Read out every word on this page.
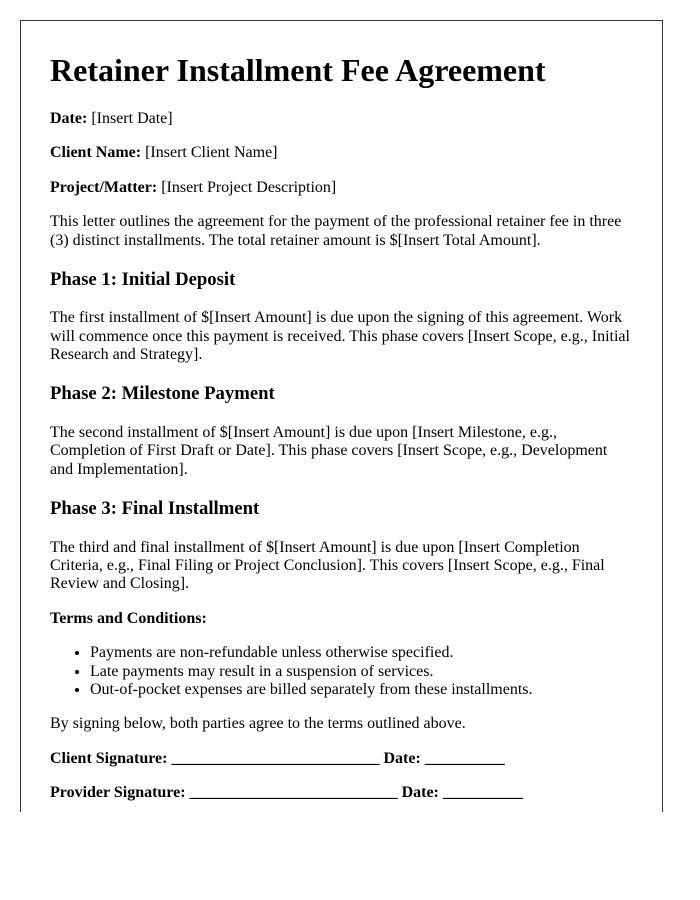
Retainer Installment Fee Agreement

Date: [Insert Date]

Client Name: [Insert Client Name]

Project/Matter: [Insert Project Description]

This letter outlines the agreement for the payment of the professional retainer fee in three (3) distinct installments. The total retainer amount is $[Insert Total Amount].

Phase 1: Initial Deposit

The first installment of $[Insert Amount] is due upon the signing of this agreement. Work will commence once this payment is received. This phase covers [Insert Scope, e.g., Initial Research and Strategy].

Phase 2: Milestone Payment

The second installment of $[Insert Amount] is due upon [Insert Milestone, e.g., Completion of First Draft or Date]. This phase covers [Insert Scope, e.g., Development and Implementation].

Phase 3: Final Installment

The third and final installment of $[Insert Amount] is due upon [Insert Completion Criteria, e.g., Final Filing or Project Conclusion]. This covers [Insert Scope, e.g., Final Review and Closing].

Terms and Conditions:

• Payments are non-refundable unless otherwise specified.
• Late payments may result in a suspension of services.
• Out-of-pocket expenses are billed separately from these installments.

By signing below, both parties agree to the terms outlined above.

Client Signature: __________________________ Date: __________

Provider Signature: __________________________ Date: __________
